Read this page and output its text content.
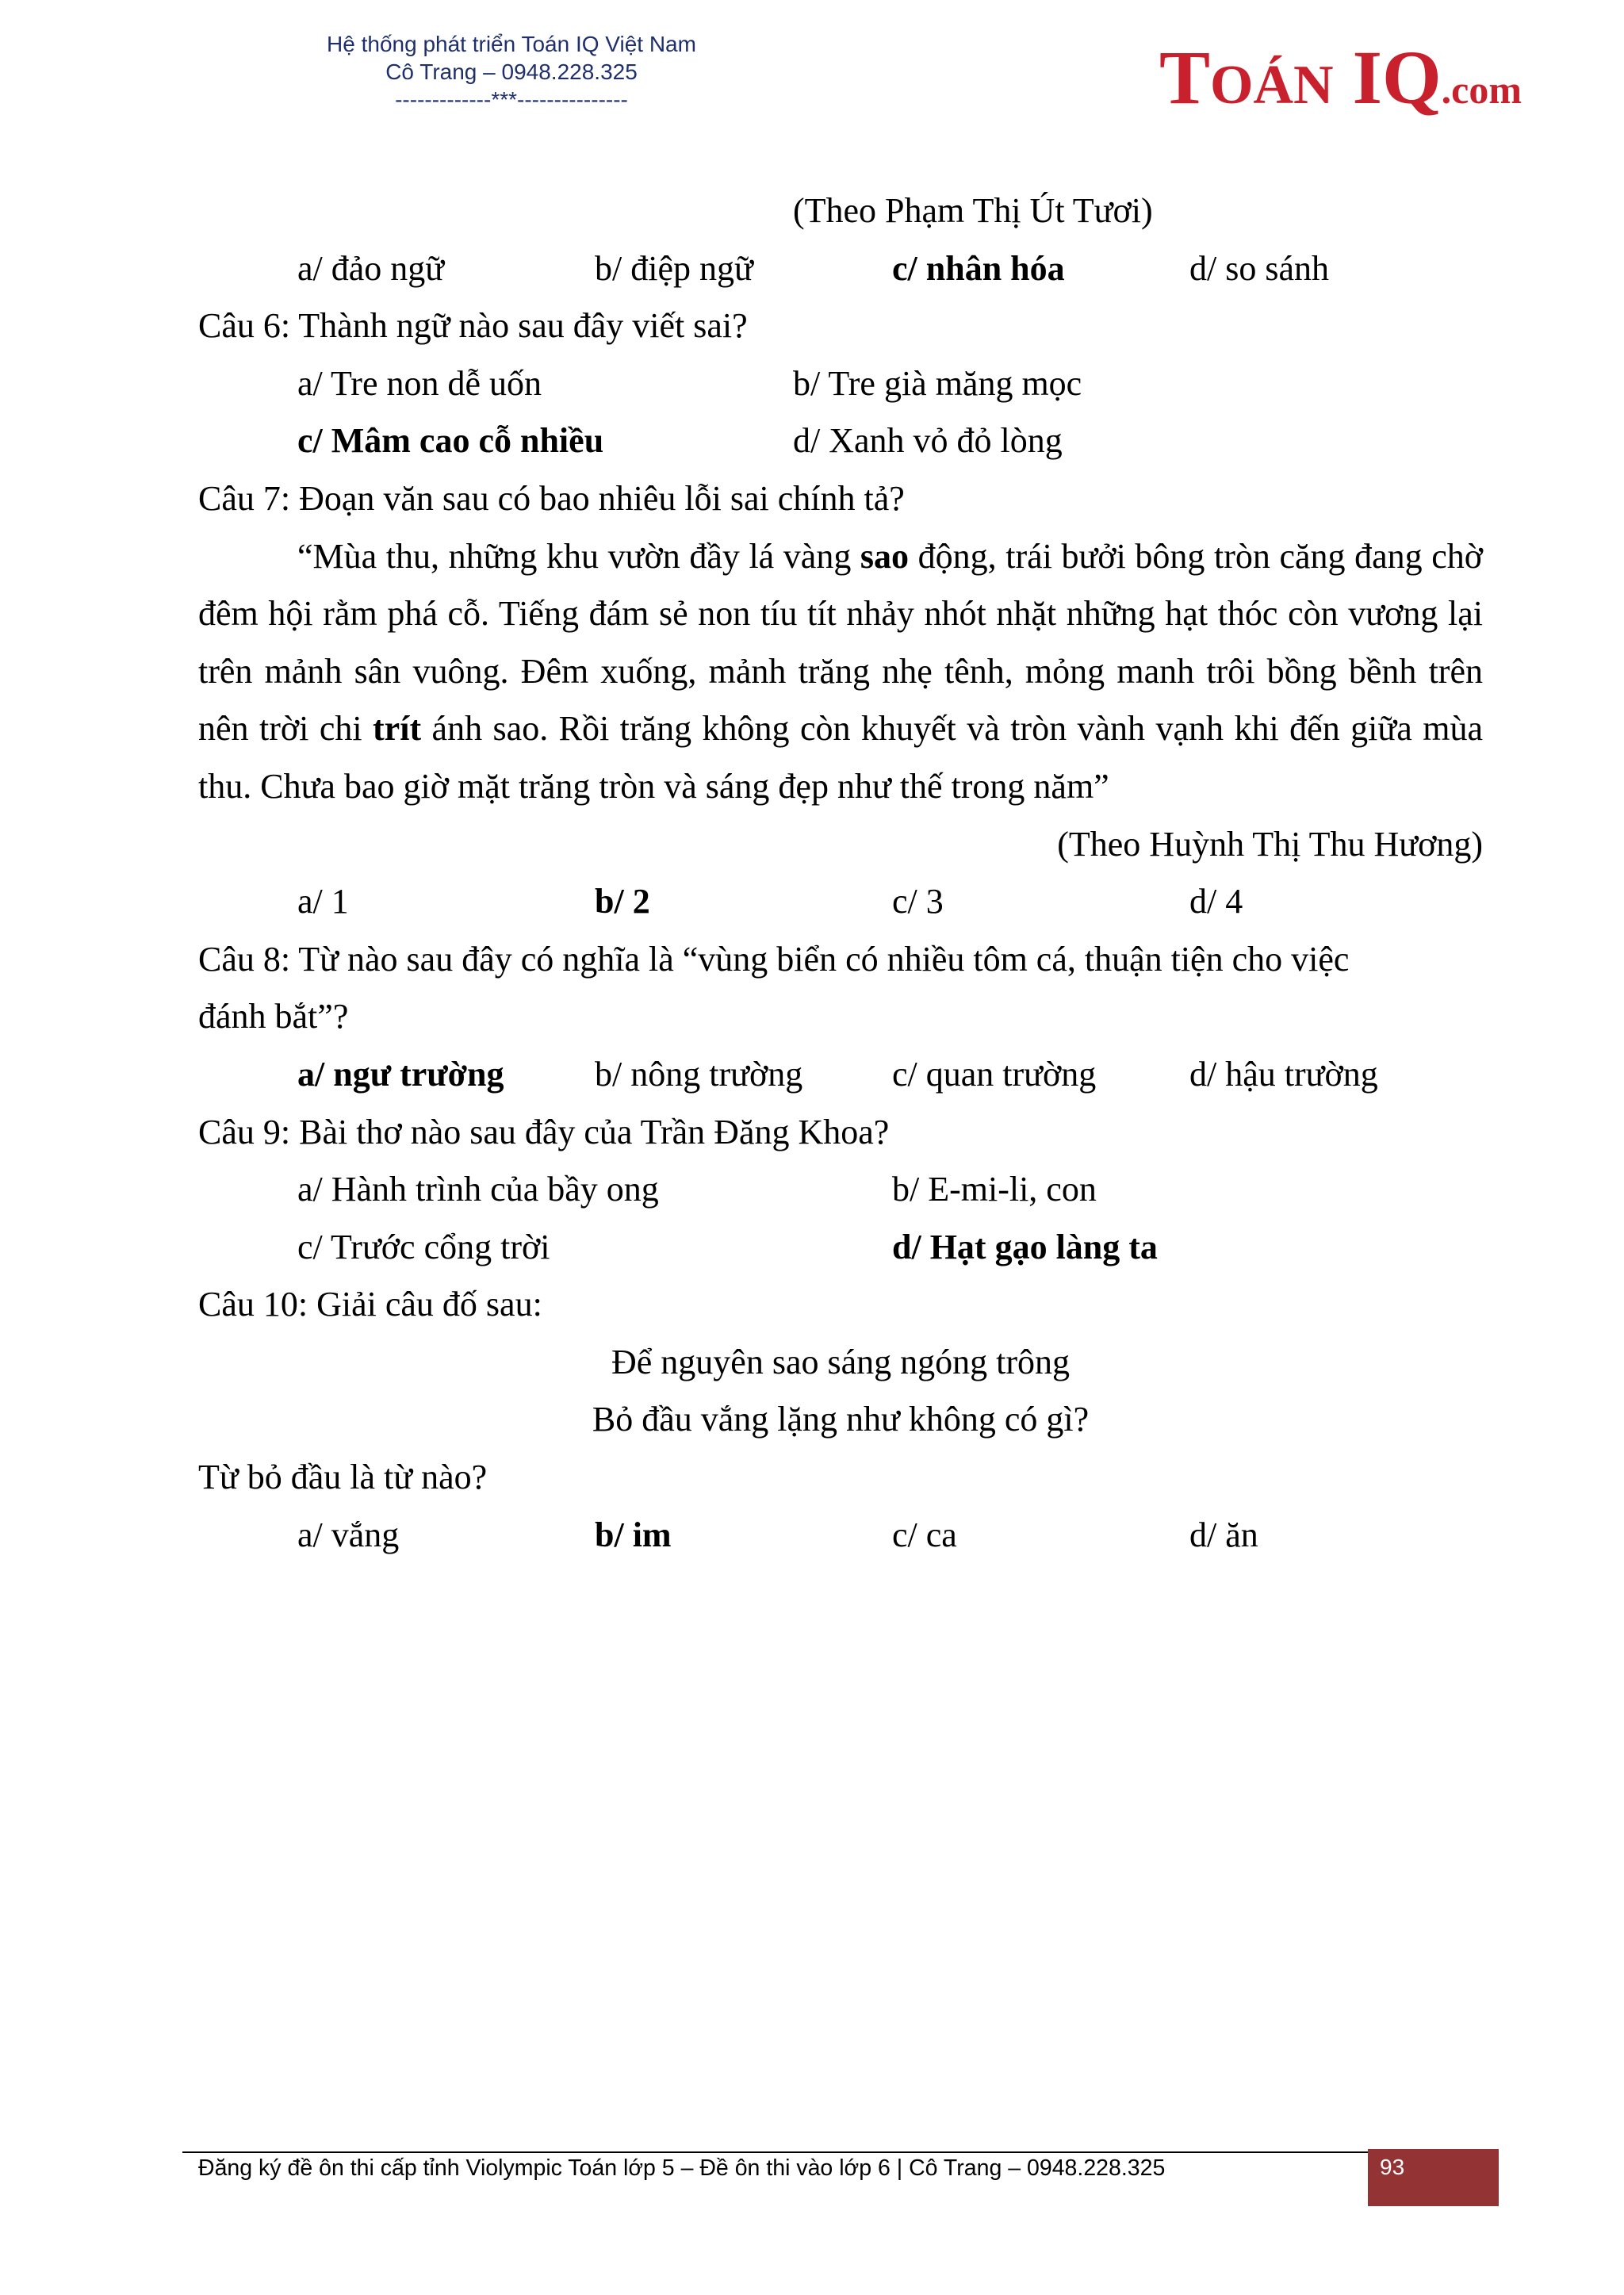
Hệ thống phát triển Toán IQ Việt Nam
Cô Trang – 0948.228.325
-------------***---------------	TOÁN IQ.com
(Theo Phạm Thị Út Tươi)
a/ đảo ngữ	b/ điệp ngữ	c/ nhân hóa	d/ so sánh
Câu 6: Thành ngữ nào sau đây viết sai?
a/ Tre non dễ uốn	b/ Tre già măng mọc
c/ Mâm cao cỗ nhiều	d/ Xanh vỏ đỏ lòng
Câu 7: Đoạn văn sau có bao nhiêu lỗi sai chính tả?

“Mùa thu, những khu vườn đầy lá vàng sao động, trái bưởi bông tròn căng đang chờ đêm hội rằm phá cỗ. Tiếng đám sẻ non tíu tít nhảy nhót nhặt những hạt thóc còn vương lại trên mảnh sân vuông. Đêm xuống, mảnh trăng nhẹ tênh, mỏng manh trôi bồng bềnh trên nên trời chi trít ánh sao. Rồi trăng không còn khuyết và tròn vành vạnh khi đến giữa mùa thu. Chưa bao giờ mặt trăng tròn và sáng đẹp như thế trong năm”

(Theo Huỳnh Thị Thu Hương)
a/ 1	b/ 2	c/ 3	d/ 4
Câu 8: Từ nào sau đây có nghĩa là “vùng biển có nhiều tôm cá, thuận tiện cho việc
đánh bắt”?
a/ ngư trường	b/ nông trường	c/ quan trường	d/ hậu trường
Câu 9: Bài thơ nào sau đây của Trần Đăng Khoa?
a/ Hành trình của bầy ong	b/ E-mi-li, con
c/ Trước cổng trời	d/ Hạt gạo làng ta
Câu 10: Giải câu đố sau:
Để nguyên sao sáng ngóng trông
Bỏ đầu vắng lặng như không có gì?
Từ bỏ đầu là từ nào?
a/ vắng	b/ im	c/ ca	d/ ăn
Đăng ký đề ôn thi cấp tỉnh Violympic Toán lớp 5 – Đề ôn thi vào lớp 6 | Cô Trang – 0948.228.325	93
